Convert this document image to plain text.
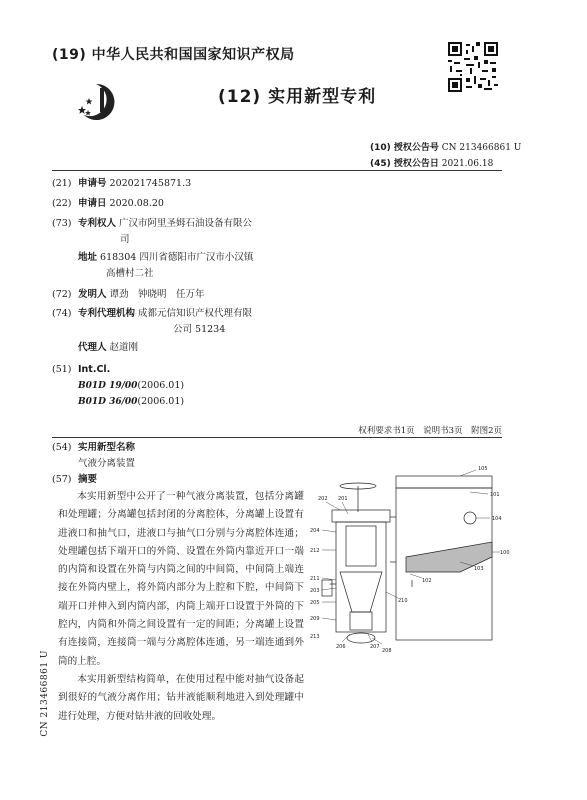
(19) 中华人民共和国国家知识产权局
(12) 实用新型专利
(10) 授权公告号 CN 213466861 U
(45) 授权公告日 2021.06.18
(21) 申请号 202021745871.3
(22) 申请日 2020.08.20
(73) 专利权人 广汉市阿里圣姆石油设备有限公
司
地址 618304 四川省德阳市广汉市小汉镇
高槽村二社
(72) 发明人 谭劲　钟晓明　任万年
(74) 专利代理机构 成都元信知识产权代理有限
公司 51234
代理人 赵道刚
(51) Int.Cl.
B01D 19/00(2006.01)
B01D 36/00(2006.01)
权利要求书1页　说明书3页　附图2页
(54) 实用新型名称
气液分离装置
(57) 摘要
本实用新型中公开了一种气液分离装置，包括分离罐和处理罐；分离罐包括封闭的分离腔体，分离罐上设置有进液口和抽气口，进液口与抽气口分别与分离腔体连通；处理罐包括下端开口的外筒、设置在外筒内靠近开口一端的内筒和设置在外筒与内筒之间的中间筒，中间筒上端连接在外筒内壁上，将外筒内部分为上腔和下腔，中间筒下端开口并伸入到内筒内部，内筒上端开口设置于外筒的下腔内，内筒和外筒之间设置有一定的间距；分离罐上设置有连接筒，连接筒一端与分离腔体连通，另一端连通到外筒的上腔。
本实用新型结构简单，在使用过程中能对抽气设备起到很好的气液分离作用；钻井液能顺利地进入到处理罐中进行处理，方便对钻井液的回收处理。
CN 213466861 U
105
202 201
101
104
103
100
204
212
102
211
203
205
209
206	207
208
210
213
